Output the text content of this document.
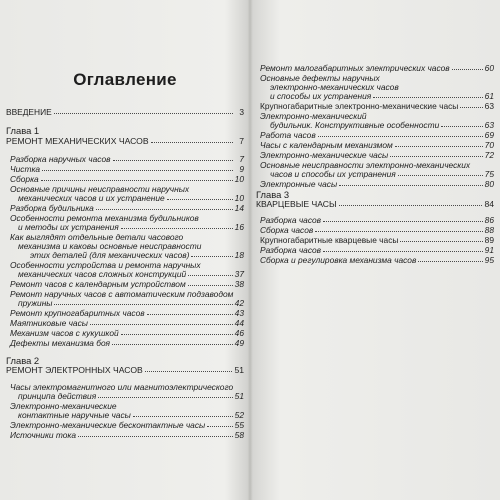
Оглавление
ВВЕДЕНИЕ	3
Глава 1
РЕМОНТ МЕХАНИЧЕСКИХ ЧАСОВ	7
Разборка наручных часов	7
Чистка	9
Сборка	10
Основные причины неисправности наручных
механических часов и их устранение	10
Разборка будильника	14
Особенности ремонта механизма будильников
и методы их устранения	16
Как выглядят отдельные детали часового
механизма и каковы основные неисправности
этих деталей (для механических часов)	18
Особенности устройства и ремонта наручных
механических часов сложных конструкций	37
Ремонт часов с календарным устройством	38
Ремонт наручных часов с автоматическим подзаводом
пружины	42
Ремонт крупногабаритных часов	43
Маятниковые часы	44
Механизм часов с кукушкой	46
Дефекты механизма боя	49
Глава 2
РЕМОНТ ЭЛЕКТРОННЫХ ЧАСОВ	51
Часы электромагнитного или магнитоэлектрического
принципа действия	51
Электронно-механические
контактные наручные часы	52
Электронно-механические бесконтактные часы	55
Источники тока	58
Ремонт малогабаритных электрических часов	60
Основные дефекты наручных
электронно-механических часов
и способы их устранения	61
Крупногабаритные электронно-механические часы	63
Электронно-механический
будильник. Конструктивные особенности	63
Работа часов	69
Часы с календарным механизмом	70
Электронно-механические часы	72
Основные неисправности электронно-механических
часов и способы их устранения	75
Электронные часы	80
Глава 3
КВАРЦЕВЫЕ ЧАСЫ	84
Разборка часов	86
Сборка часов	88
Крупногабаритные кварцевые часы	89
Разборка часов	91
Сборка и регулировка механизма часов	95
